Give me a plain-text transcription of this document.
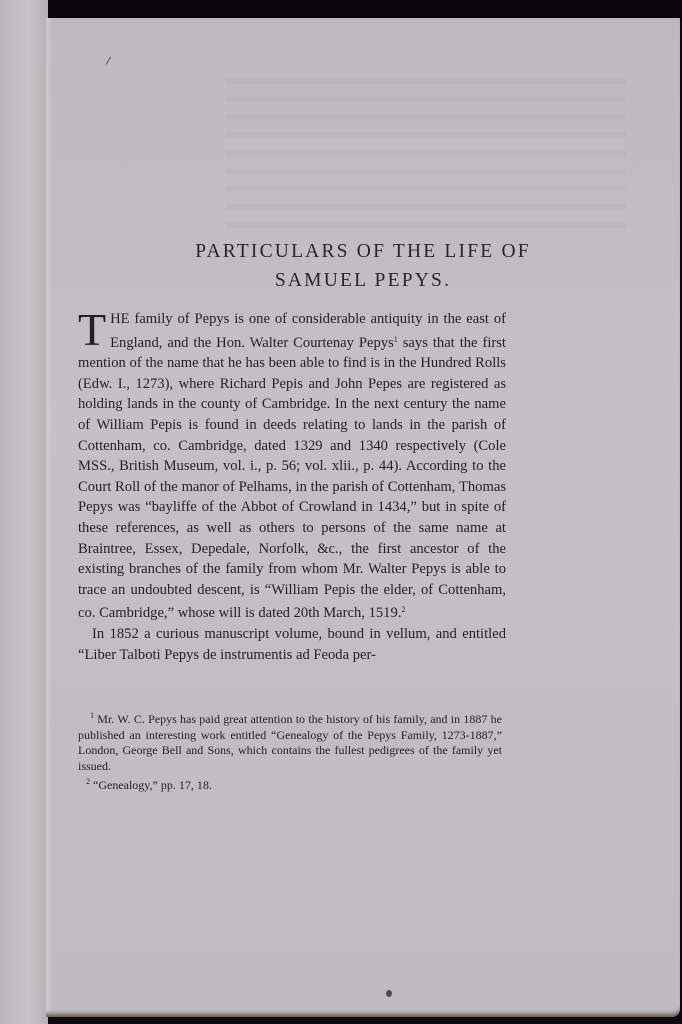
PARTICULARS OF THE LIFE OF
SAMUEL PEPYS.

THE family of Pepys is one of considerable antiquity in the east of England, and the Hon. Walter Courtenay Pepys$^1$ says that the first mention of the name that he has been able to find is in the Hundred Rolls (Edw. I., 1273), where Richard Pepis and John Pepes are registered as holding lands in the county of Cambridge. In the next century the name of William Pepis is found in deeds relating to lands in the parish of Cottenham, co. Cambridge, dated 1329 and 1340 respectively (Cole MSS., British Museum, vol. i., p. 56; vol. xlii., p. 44). According to the Court Roll of the manor of Pelhams, in the parish of Cottenham, Thomas Pepys was “bayliffe of the Abbot of Crowland in 1434,” but in spite of these references, as well as others to persons of the same name at Braintree, Essex, Depedale, Norfolk, &c., the first ancestor of the existing branches of the family from whom Mr. Walter Pepys is able to trace an undoubted descent, is “William Pepis the elder, of Cottenham, co. Cambridge,” whose will is dated 20th March, 1519.$^2$

In 1852 a curious manuscript volume, bound in vellum, and entitled “Liber Talboti Pepys de instrumentis ad Feoda per-

$^1$ Mr. W. C. Pepys has paid great attention to the history of his family, and in 1887 he published an interesting work entitled “Genealogy of the Pepys Family, 1273-1887,” London, George Bell and Sons, which contains the fullest pedigrees of the family yet issued.

$^2$ “Genealogy,” pp. 17, 18.
